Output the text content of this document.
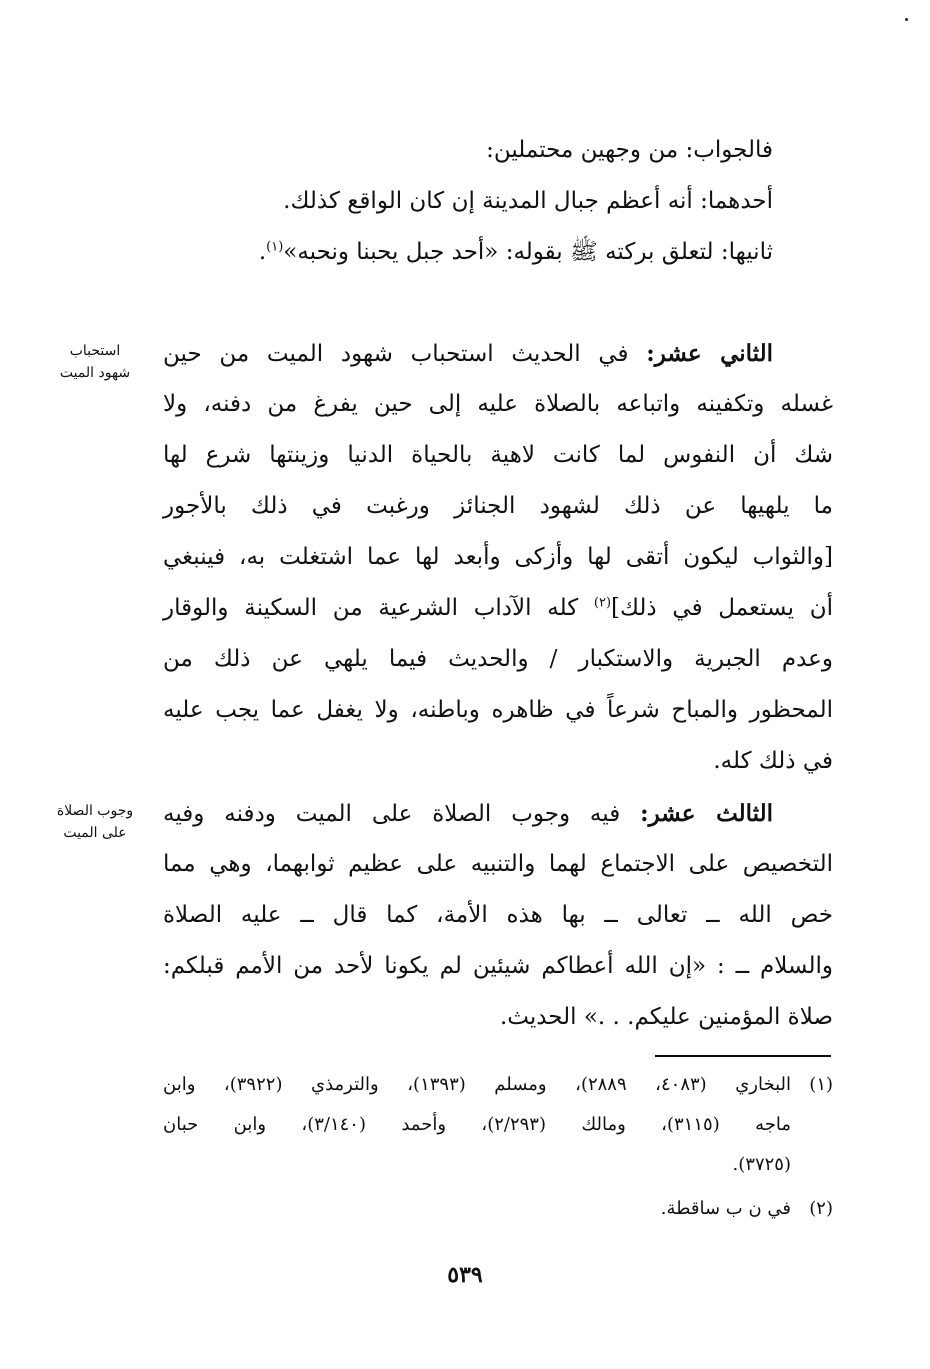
فالجواب: من وجهين محتملين:
أحدهما: أنه أعظم جبال المدينة إن كان الواقع كذلك.
ثانيها: لتعلق بركته ﷺ بقوله: «أحد جبل يحبنا ونحبه»$^{(١)}$.
استحباب
شهود الميت
الثاني عشر: في الحديث استحباب شهود الميت من حين
غسله وتكفينه واتباعه بالصلاة عليه إلى حين يفرغ من دفنه، ولا
شك أن النفوس لما كانت لاهية بالحياة الدنيا وزينتها شرع لها
ما يلهيها عن ذلك لشهود الجنائز ورغبت في ذلك بالأجور
[والثواب ليكون أتقى لها وأزكى وأبعد لها عما اشتغلت به، فينبغي
أن يستعمل في ذلك]$^{(٢)}$ كله الآداب الشرعية من السكينة والوقار
وعدم الجبرية والاستكبار / والحديث فيما يلهي عن ذلك من
المحظور والمباح شرعاً في ظاهره وباطنه، ولا يغفل عما يجب عليه
في ذلك كله.
وجوب الصلاة
على الميت
الثالث عشر: فيه وجوب الصلاة على الميت ودفنه وفيه
التخصيص على الاجتماع لهما والتنبيه على عظيم ثوابهما، وهي مما
خص الله ــ تعالى ــ بها هذه الأمة، كما قال ــ عليه الصلاة
والسلام ــ : «إن الله أعطاكم شيئين لم يكونا لأحد من الأمم قبلكم:
صلاة المؤمنين عليكم. . .» الحديث.
(١)البخاري (٤٠٨٣، ٢٨٨٩)، ومسلم (١٣٩٣)، والترمذي (٣٩٢٢)، وابن
ماجه (٣١١٥)، ومالك (٢/٢٩٣)، وأحمد (٣/١٤٠)، وابن حبان
(٣٧٢٥).
(٢)في ن ب ساقطة.
٥٣٩
